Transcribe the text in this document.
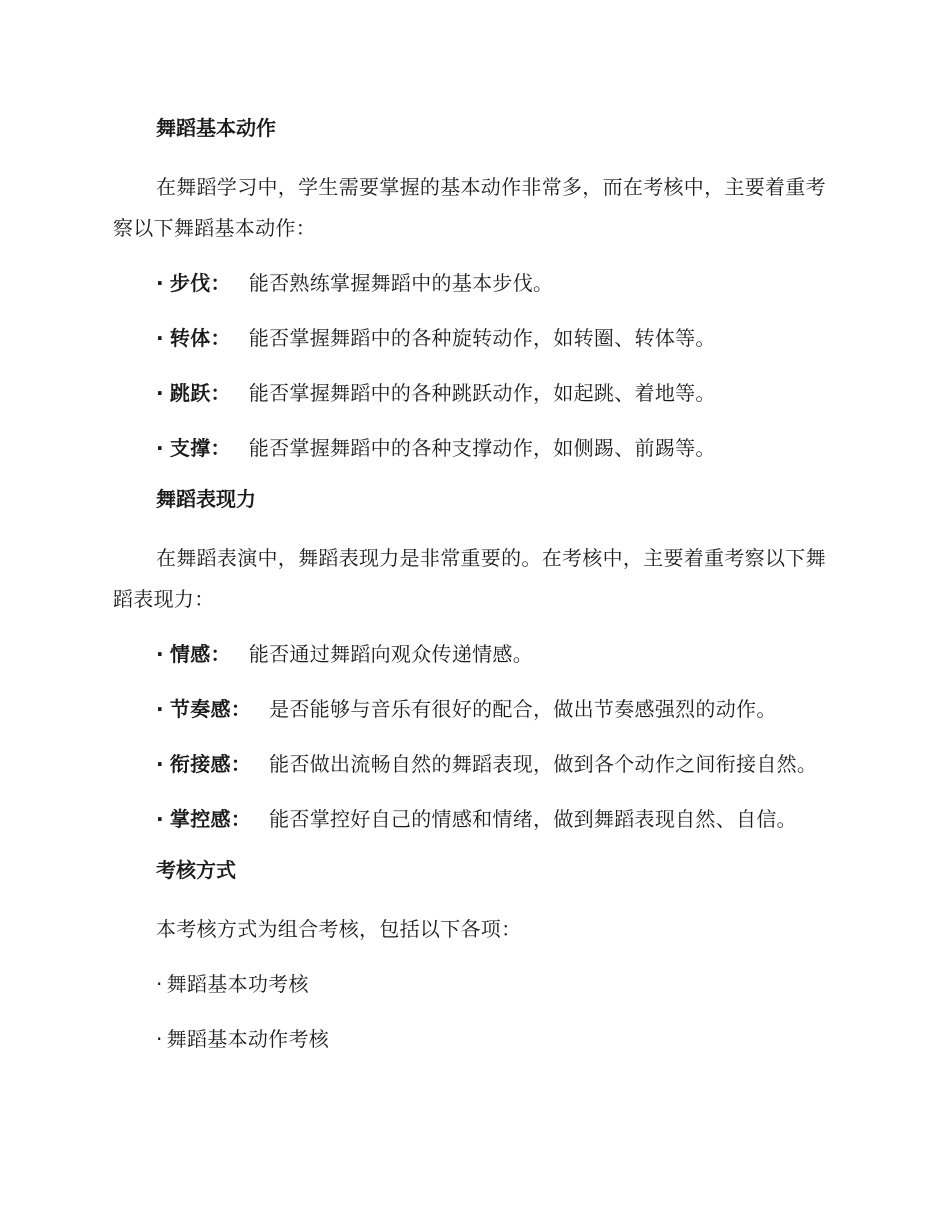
舞蹈基本动作

在舞蹈学习中，学生需要掌握的基本动作非常多，而在考核中，主要着重考察以下舞蹈基本动作：

· 步伐： 能否熟练掌握舞蹈中的基本步伐。

· 转体： 能否掌握舞蹈中的各种旋转动作，如转圈、转体等。

· 跳跃： 能否掌握舞蹈中的各种跳跃动作，如起跳、着地等。

· 支撑： 能否掌握舞蹈中的各种支撑动作，如侧踢、前踢等。

舞蹈表现力

在舞蹈表演中，舞蹈表现力是非常重要的。在考核中，主要着重考察以下舞蹈表现力：

· 情感： 能否通过舞蹈向观众传递情感。

· 节奏感： 是否能够与音乐有很好的配合，做出节奏感强烈的动作。

· 衔接感： 能否做出流畅自然的舞蹈表现，做到各个动作之间衔接自然。

· 掌控感： 能否掌控好自己的情感和情绪，做到舞蹈表现自然、自信。

考核方式

本考核方式为组合考核，包括以下各项：

· 舞蹈基本功考核

· 舞蹈基本动作考核
